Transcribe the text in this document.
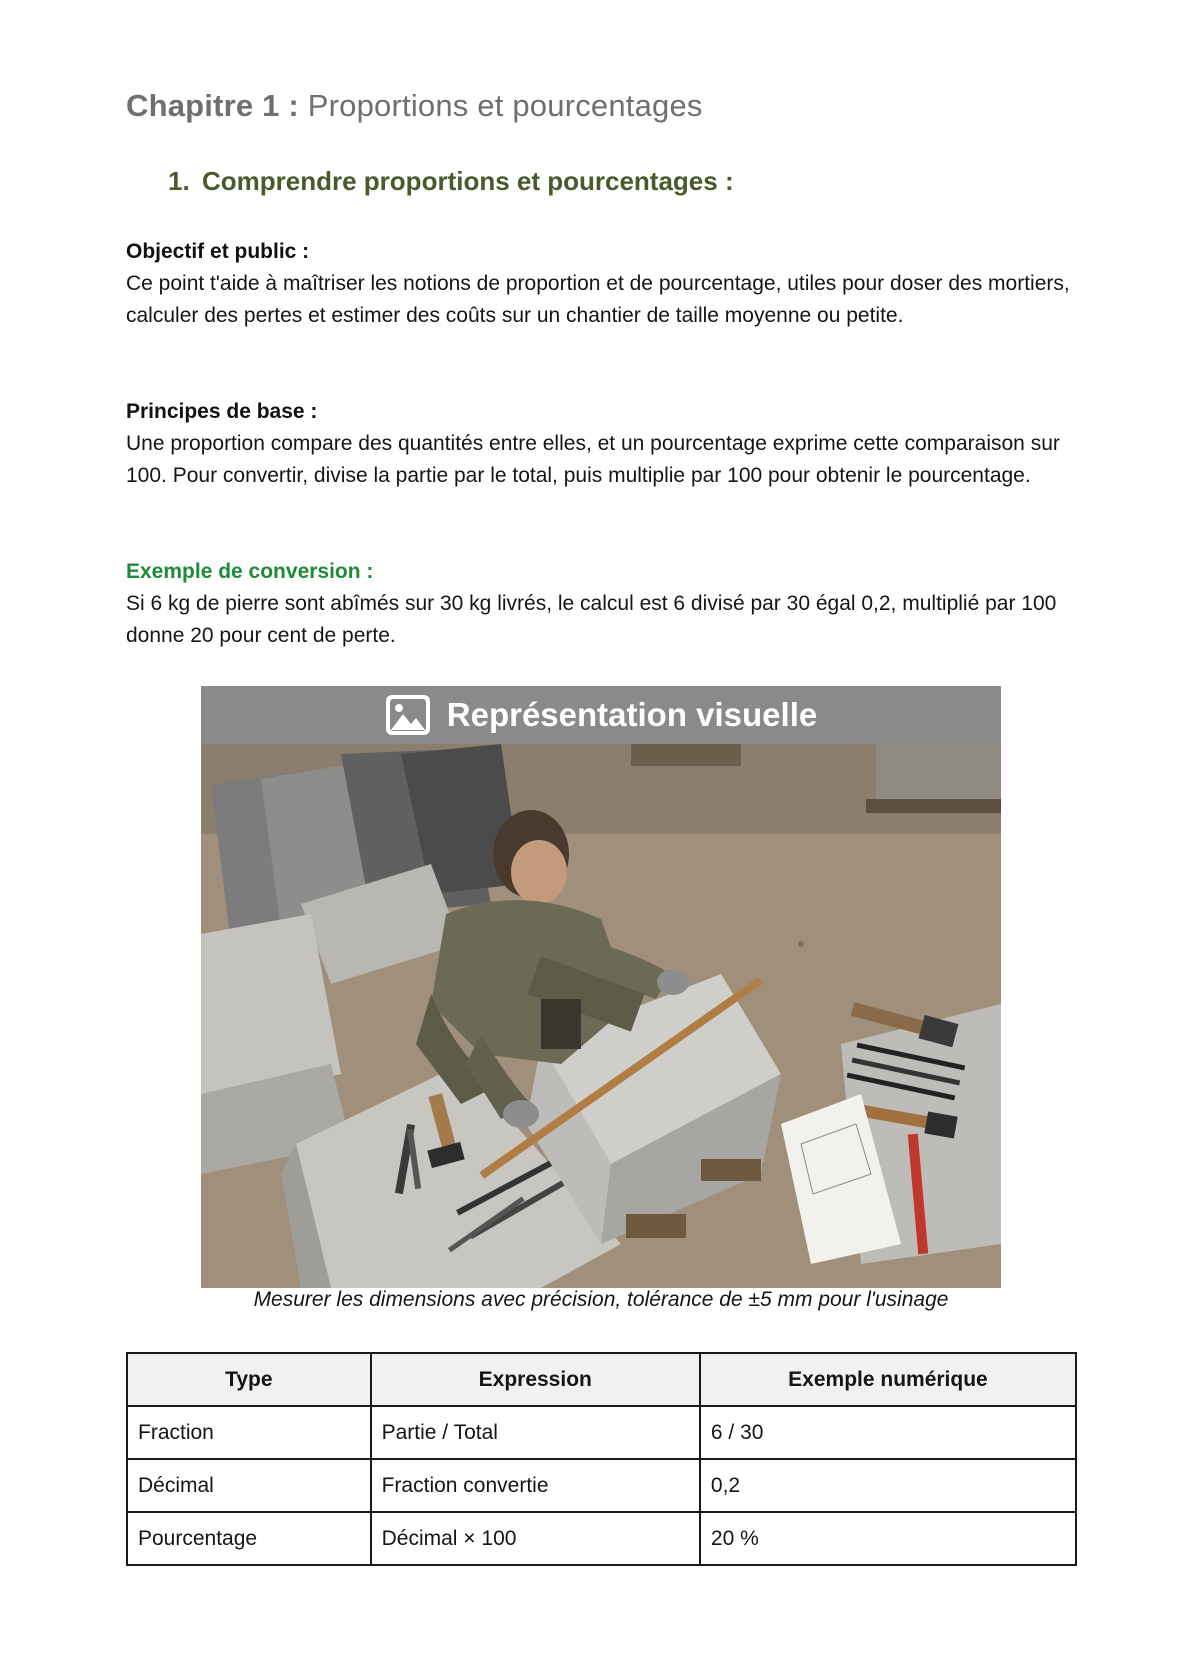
Chapitre 1 : Proportions et pourcentages
1. Comprendre proportions et pourcentages :
Objectif et public :
Ce point t'aide à maîtriser les notions de proportion et de pourcentage, utiles pour doser des mortiers, calculer des pertes et estimer des coûts sur un chantier de taille moyenne ou petite.
Principes de base :
Une proportion compare des quantités entre elles, et un pourcentage exprime cette comparaison sur 100. Pour convertir, divise la partie par le total, puis multiplie par 100 pour obtenir le pourcentage.
Exemple de conversion :
Si 6 kg de pierre sont abîmés sur 30 kg livrés, le calcul est 6 divisé par 30 égal 0,2, multiplié par 100 donne 20 pour cent de perte.
Représentation visuelle
Mesurer les dimensions avec précision, tolérance de ±5 mm pour l'usinage
Type	Expression	Exemple numérique
Fraction	Partie / Total	6 / 30
Décimal	Fraction convertie	0,2
Pourcentage	Décimal × 100	20 %
